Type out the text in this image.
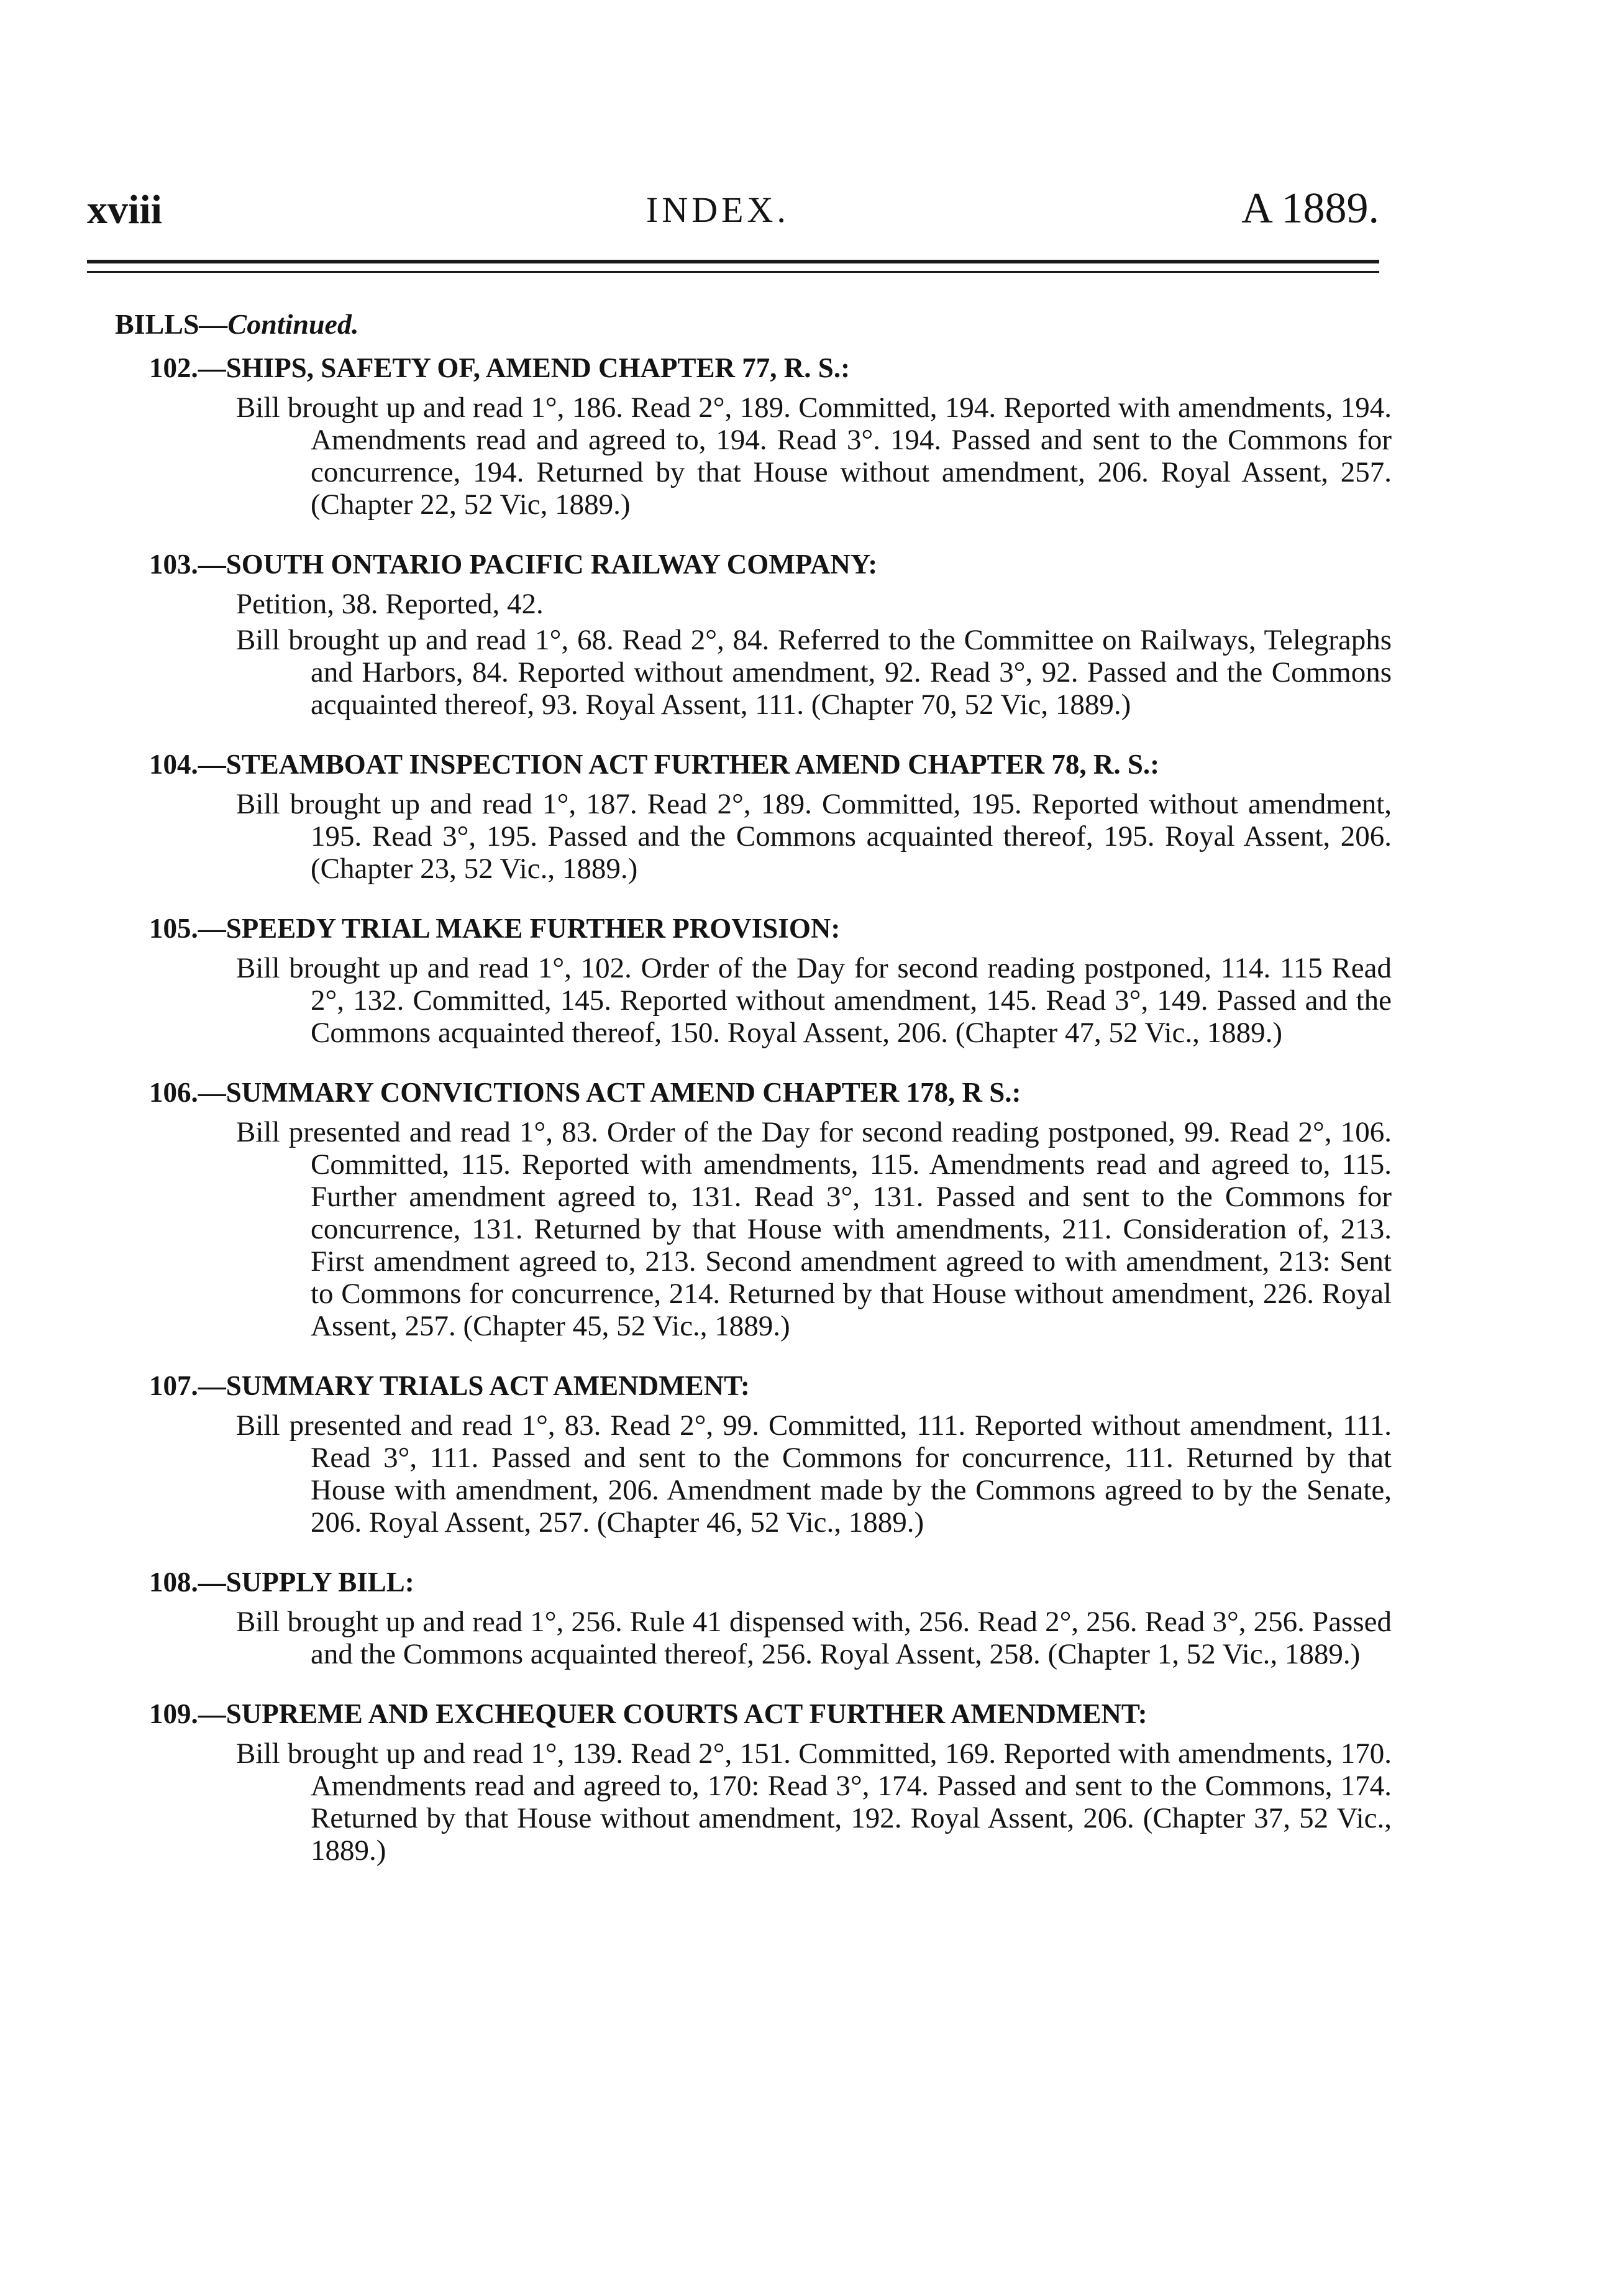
xviii	INDEX.	A 1889.
BILLS—Continued.
102.—SHIPS, SAFETY OF, AMEND CHAPTER 77, R. S.:
Bill brought up and read 1°, 186. Read 2°, 189. Committed, 194. Reported with amendments, 194. Amendments read and agreed to, 194. Read 3°. 194. Passed and sent to the Commons for concurrence, 194. Returned by that House without amendment, 206. Royal Assent, 257. (Chapter 22, 52 Vic, 1889.)
103.—SOUTH ONTARIO PACIFIC RAILWAY COMPANY:
Petition, 38. Reported, 42.
Bill brought up and read 1°, 68. Read 2°, 84. Referred to the Committee on Railways, Telegraphs and Harbors, 84. Reported without amendment, 92. Read 3°, 92. Passed and the Commons acquainted thereof, 93. Royal Assent, 111. (Chapter 70, 52 Vic, 1889.)
104.—STEAMBOAT INSPECTION ACT FURTHER AMEND CHAPTER 78, R. S.:
Bill brought up and read 1°, 187. Read 2°, 189. Committed, 195. Reported without amendment, 195. Read 3°, 195. Passed and the Commons acquainted thereof, 195. Royal Assent, 206. (Chapter 23, 52 Vic., 1889.)
105.—SPEEDY TRIAL MAKE FURTHER PROVISION:
Bill brought up and read 1°, 102. Order of the Day for second reading postponed, 114. 115 Read 2°, 132. Committed, 145. Reported without amendment, 145. Read 3°, 149. Passed and the Commons acquainted thereof, 150. Royal Assent, 206. (Chapter 47, 52 Vic., 1889.)
106.—SUMMARY CONVICTIONS ACT AMEND CHAPTER 178, R S.:
Bill presented and read 1°, 83. Order of the Day for second reading postponed, 99. Read 2°, 106. Committed, 115. Reported with amendments, 115. Amendments read and agreed to, 115. Further amendment agreed to, 131. Read 3°, 131. Passed and sent to the Commons for concurrence, 131. Returned by that House with amendments, 211. Consideration of, 213. First amendment agreed to, 213. Second amendment agreed to with amendment, 213: Sent to Commons for concurrence, 214. Returned by that House without amendment, 226. Royal Assent, 257. (Chapter 45, 52 Vic., 1889.)
107.—SUMMARY TRIALS ACT AMENDMENT:
Bill presented and read 1°, 83. Read 2°, 99. Committed, 111. Reported without amendment, 111. Read 3°, 111. Passed and sent to the Commons for concurrence, 111. Returned by that House with amendment, 206. Amendment made by the Commons agreed to by the Senate, 206. Royal Assent, 257. (Chapter 46, 52 Vic., 1889.)
108.—SUPPLY BILL:
Bill brought up and read 1°, 256. Rule 41 dispensed with, 256. Read 2°, 256. Read 3°, 256. Passed and the Commons acquainted thereof, 256. Royal Assent, 258. (Chapter 1, 52 Vic., 1889.)
109.—SUPREME AND EXCHEQUER COURTS ACT FURTHER AMENDMENT:
Bill brought up and read 1°, 139. Read 2°, 151. Committed, 169. Reported with amendments, 170. Amendments read and agreed to, 170: Read 3°, 174. Passed and sent to the Commons, 174. Returned by that House without amendment, 192. Royal Assent, 206. (Chapter 37, 52 Vic., 1889.)
